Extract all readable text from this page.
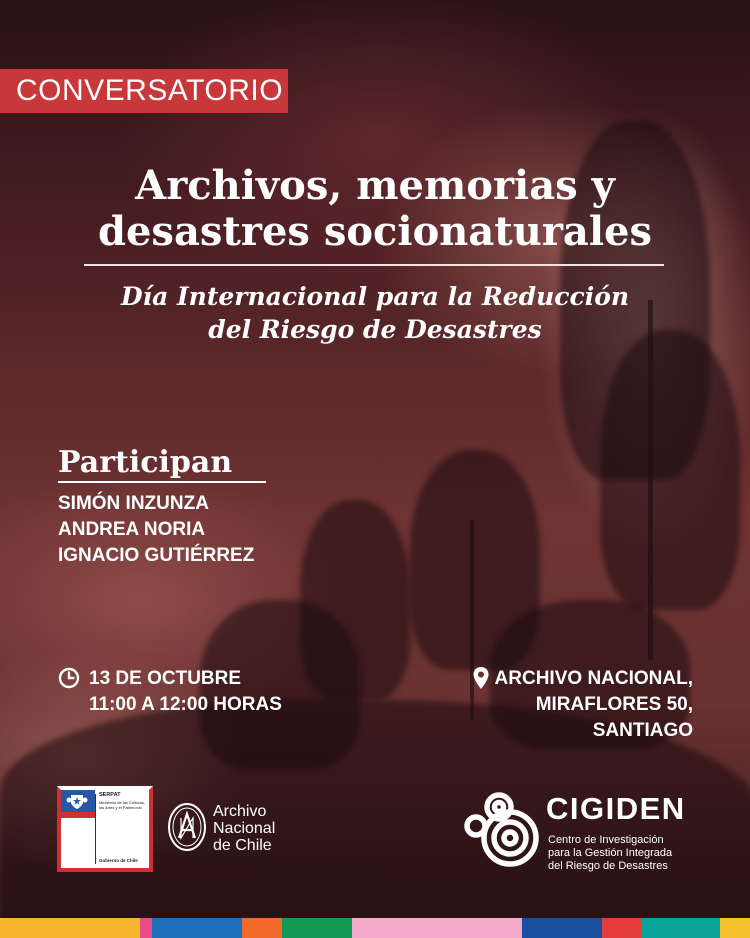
CONVERSATORIO
Archivos, memorias y
desastres socionaturales
Día Internacional para la Reducción
del Riesgo de Desastres
Participan
SIMÓN INZUNZA
ANDREA NORIA
IGNACIO GUTIÉRREZ
13 DE OCTUBRE
11:00 A 12:00 HORAS
ARCHIVO NACIONAL,
MIRAFLORES 50,
SANTIAGO
SERPAT
Ministerio de las Culturas, las Artes y el Patrimonio
Gobierno de Chile
Archivo
Nacional
de Chile
CIGIDEN
Centro de Investigación
para la Gestión Integrada
del Riesgo de Desastres
